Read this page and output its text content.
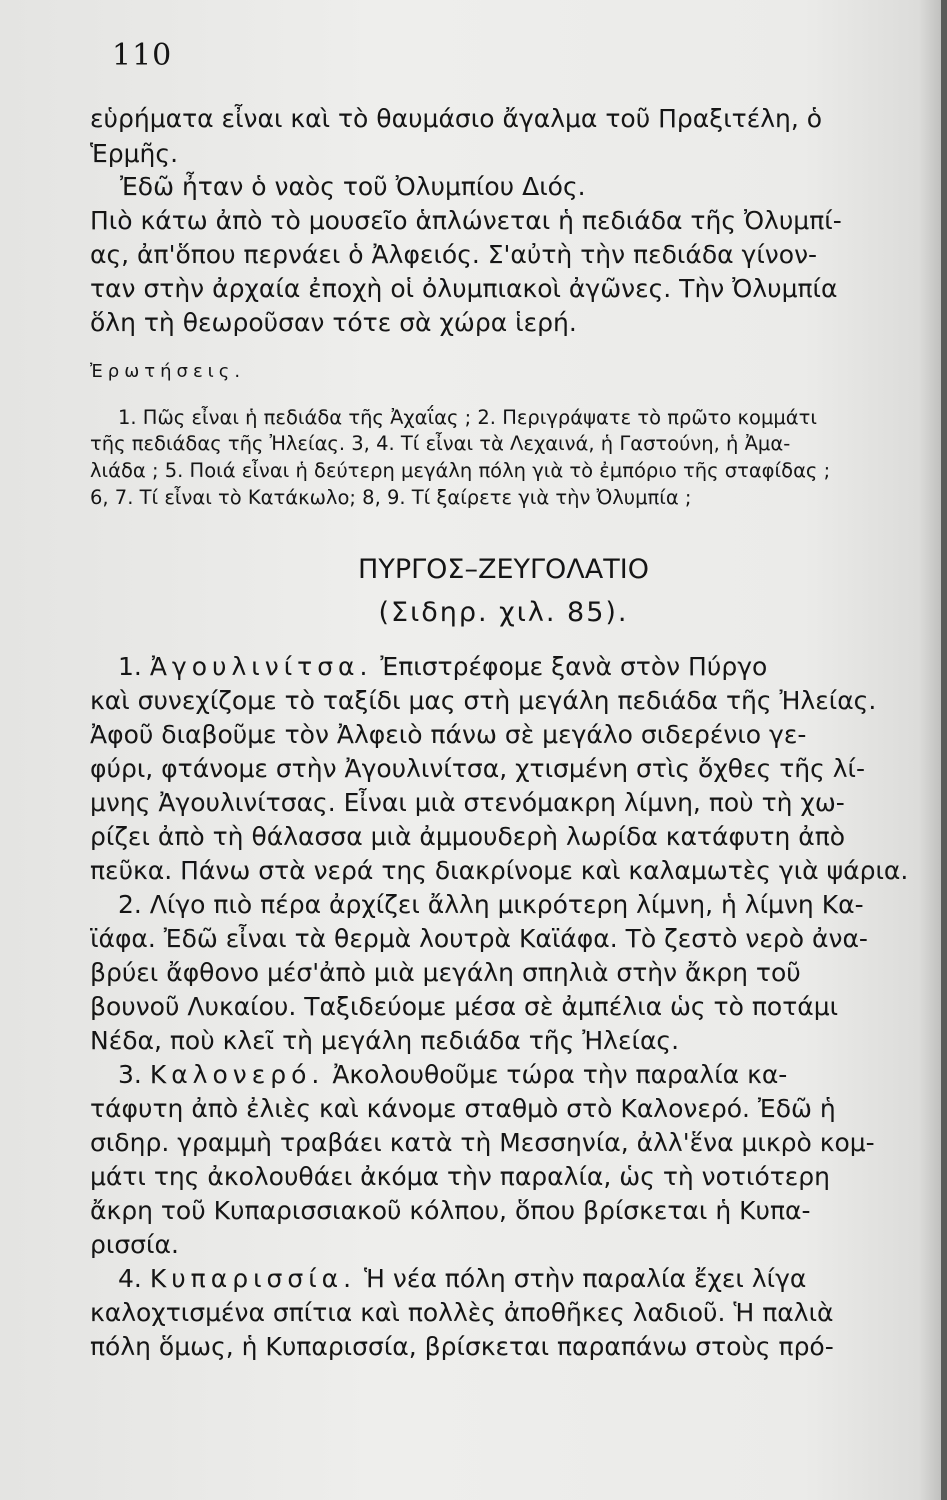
110
εὑρήματα εἶναι καὶ τὸ θαυμάσιο ἄγαλμα τοῦ Πραξιτέλη, ὁ
Ἑρμῆς.
Ἐδῶ ἦταν ὁ ναὸς τοῦ Ὀλυμπίου Διός.
Πιὸ κάτω ἀπὸ τὸ μουσεῖο ἁπλώνεται ἡ πεδιάδα τῆς Ὀλυμπί-
ας, ἀπ'ὅπου περνάει ὁ Ἀλφειός. Σ'αὐτὴ τὴν πεδιάδα γίνον-
ταν στὴν ἀρχαία ἐποχὴ οἱ ὀλυμπιακοὶ ἀγῶνες. Τὴν Ὀλυμπία
ὅλη τὴ θεωροῦσαν τότε σὰ χώρα ἱερή.
Ἐρωτήσεις.
1. Πῶς εἶναι ἡ πεδιάδα τῆς Ἀχαΐας ; 2. Περιγράψατε τὸ πρῶτο κομμάτι
τῆς πεδιάδας τῆς Ἠλείας. 3, 4. Τί εἶναι τὰ Λεχαινά, ἡ Γαστούνη, ἡ Ἀμα-
λιάδα ; 5. Ποιά εἶναι ἡ δεύτερη μεγάλη πόλη γιὰ τὸ ἐμπόριο τῆς σταφίδας ;
6, 7. Τί εἶναι τὸ Κατάκωλο; 8, 9. Τί ξαίρετε γιὰ τὴν Ὀλυμπία ;
ΠΥΡΓΟΣ–ΖΕΥΓΟΛΑΤΙΟ
(Σιδηρ. χιλ. 85).
1. Ἀγουλινίτσα. Ἐπιστρέφομε ξανὰ στὸν Πύργο
καὶ συνεχίζομε τὸ ταξίδι μας στὴ μεγάλη πεδιάδα τῆς Ἠλείας.
Ἀφοῦ διαβοῦμε τὸν Ἀλφειὸ πάνω σὲ μεγάλο σιδερένιο γε-
φύρι, φτάνομε στὴν Ἀγουλινίτσα, χτισμένη στὶς ὄχθες τῆς λί-
μνης Ἀγουλινίτσας. Εἶναι μιὰ στενόμακρη λίμνη, ποὺ τὴ χω-
ρίζει ἀπὸ τὴ θάλασσα μιὰ ἀμμουδερὴ λωρίδα κατάφυτη ἀπὸ
πεῦκα. Πάνω στὰ νερά της διακρίνομε καὶ καλαμωτὲς γιὰ ψάρια.
2. Λίγο πιὸ πέρα ἀρχίζει ἄλλη μικρότερη λίμνη, ἡ λίμνη Κα-
ϊάφα. Ἐδῶ εἶναι τὰ θερμὰ λουτρὰ Καϊάφα. Τὸ ζεστὸ νερὸ ἀνα-
βρύει ἄφθονο μέσ'ἀπὸ μιὰ μεγάλη σπηλιὰ στὴν ἄκρη τοῦ
βουνοῦ Λυκαίου. Ταξιδεύομε μέσα σὲ ἀμπέλια ὡς τὸ ποτάμι
Νέδα, ποὺ κλεῖ τὴ μεγάλη πεδιάδα τῆς Ἠλείας.
3. Καλονερό. Ἀκολουθοῦμε τώρα τὴν παραλία κα-
τάφυτη ἀπὸ ἐλιὲς καὶ κάνομε σταθμὸ στὸ Καλονερό. Ἐδῶ ἡ
σιδηρ. γραμμὴ τραβάει κατὰ τὴ Μεσσηνία, ἀλλ'ἕνα μικρὸ κομ-
μάτι της ἀκολουθάει ἀκόμα τὴν παραλία, ὡς τὴ νοτιότερη
ἄκρη τοῦ Κυπαρισσιακοῦ κόλπου, ὅπου βρίσκεται ἡ Κυπα-
ρισσία.
4. Κυπαρισσία. Ἡ νέα πόλη στὴν παραλία ἔχει λίγα
καλοχτισμένα σπίτια καὶ πολλὲς ἀποθῆκες λαδιοῦ. Ἡ παλιὰ
πόλη ὅμως, ἡ Κυπαρισσία, βρίσκεται παραπάνω στοὺς πρό-
